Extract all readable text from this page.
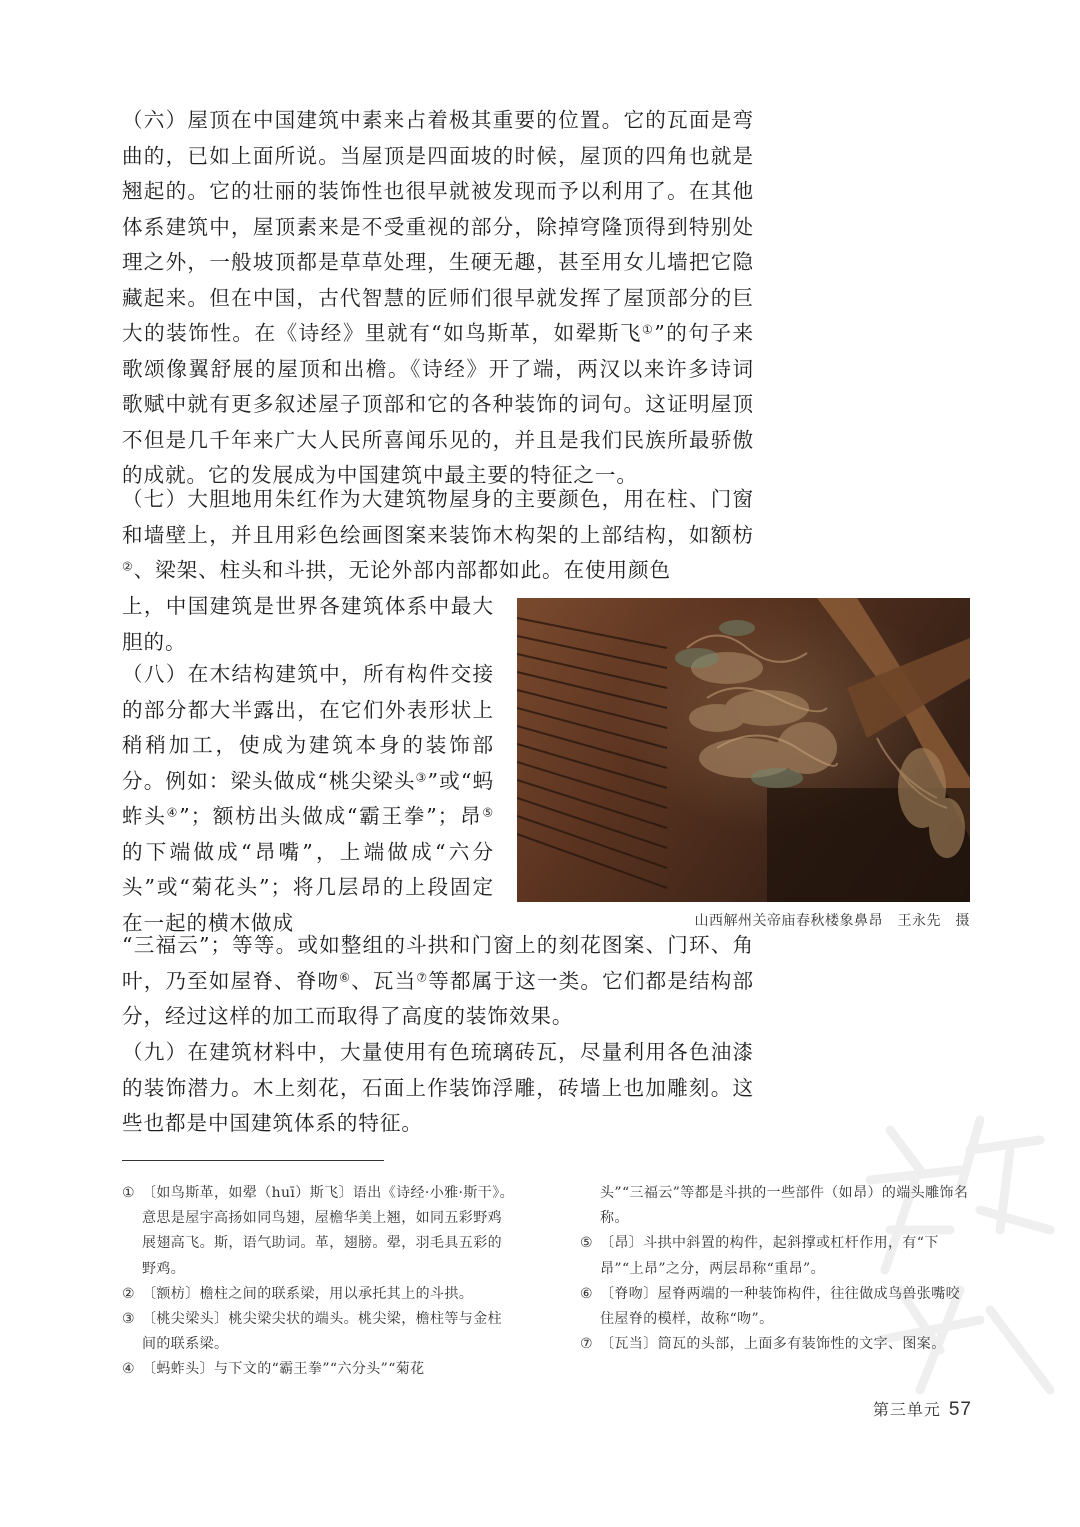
（六）屋顶在中国建筑中素来占着极其重要的位置。它的瓦面是弯曲的，已如上面所说。当屋顶是四面坡的时候，屋顶的四角也就是翘起的。它的壮丽的装饰性也很早就被发现而予以利用了。在其他体系建筑中，屋顶素来是不受重视的部分，除掉穹隆顶得到特别处理之外，一般坡顶都是草草处理，生硬无趣，甚至用女儿墙把它隐藏起来。但在中国，古代智慧的匠师们很早就发挥了屋顶部分的巨大的装饰性。在《诗经》里就有“如鸟斯革，如翚斯飞①”的句子来歌颂像翼舒展的屋顶和出檐。《诗经》开了端，两汉以来许多诗词歌赋中就有更多叙述屋子顶部和它的各种装饰的词句。这证明屋顶不但是几千年来广大人民所喜闻乐见的，并且是我们民族所最骄傲的成就。它的发展成为中国建筑中最主要的特征之一。

（七）大胆地用朱红作为大建筑物屋身的主要颜色，用在柱、门窗和墙壁上，并且用彩色绘画图案来装饰木构架的上部结构，如额枋②、梁架、柱头和斗拱，无论外部内部都如此。在使用颜色

上，中国建筑是世界各建筑体系中最大胆的。

（八）在木结构建筑中，所有构件交接的部分都大半露出，在它们外表形状上稍稍加工，使成为建筑本身的装饰部分。例如：梁头做成“桃尖梁头③”或“蚂蚱头④”；额枋出头做成“霸王拳”；昂⑤的下端做成“昂嘴”，上端做成“六分头”或“菊花头”；将几层昂的上段固定在一起的横木做成

“三福云”；等等。或如整组的斗拱和门窗上的刻花图案、门环、角叶，乃至如屋脊、脊吻⑥、瓦当⑦等都属于这一类。它们都是结构部分，经过这样的加工而取得了高度的装饰效果。

（九）在建筑材料中，大量使用有色琉璃砖瓦，尽量利用各色油漆的装饰潜力。木上刻花，石面上作装饰浮雕，砖墙上也加雕刻。这些也都是中国建筑体系的特征。

山西解州关帝庙春秋楼象鼻昂　王永先　摄
① 〔如鸟斯革，如翚（huī）斯飞〕语出《诗经·小雅·斯干》。意思是屋宇高扬如同鸟翅，屋檐华美上翘，如同五彩野鸡展翅高飞。斯，语气助词。革，翅膀。翚，羽毛具五彩的野鸡。
② 〔额枋〕檐柱之间的联系梁，用以承托其上的斗拱。
③ 〔桃尖梁头〕桃尖梁尖状的端头。桃尖梁，檐柱等与金柱间的联系梁。
④ 〔蚂蚱头〕与下文的“霸王拳”“六分头”“菊花
头”“三福云”等都是斗拱的一些部件（如昂）的端头雕饰名称。
⑤ 〔昂〕斗拱中斜置的构件，起斜撑或杠杆作用，有“下昂”“上昂”之分，两层昂称“重昂”。
⑥ 〔脊吻〕屋脊两端的一种装饰构件，往往做成鸟兽张嘴咬住屋脊的模样，故称“吻”。
⑦ 〔瓦当〕筒瓦的头部，上面多有装饰性的文字、图案。
第三单元 57
